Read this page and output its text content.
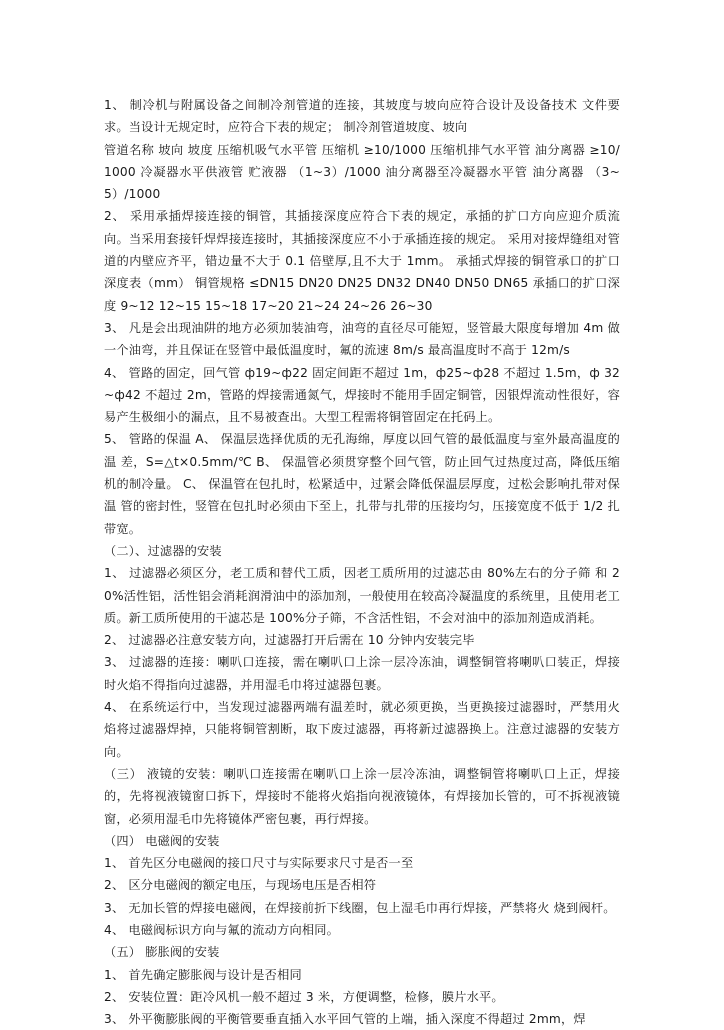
1、 制冷机与附属设备之间制冷剂管道的连接，其坡度与坡向应符合设计及设备技术 文件要求。当设计无规定时，应符合下表的规定； 制冷剂管道坡度、坡向

管道名称 坡向 坡度 压缩机吸气水平管 压缩机 ≥10/1000 压缩机排气水平管 油分离器 ≥10/1000 冷凝器水平供液管 贮液器 （1~3）/1000 油分离器至冷凝器水平管 油分离器 （3~5）/1000

2、 采用承插焊接连接的铜管，其插接深度应符合下表的规定，承插的扩口方向应迎介质流向。当采用套接钎焊焊接连接时，其插接深度应不小于承插连接的规定。 采用对接焊缝组对管道的内壁应齐平，错边量不大于 0.1 倍壁厚,且不大于 1mm。 承插式焊接的铜管承口的扩口深度表（mm） 铜管规格 ≤DN15 DN20 DN25 DN32 DN40 DN50 DN65 承插口的扩口深度 9~12 12~15 15~18 17~20 21~24 24~26 26~30

3、 凡是会出现油阱的地方必须加装油弯，油弯的直径尽可能短，竖管最大限度每增加 4m 做一个油弯，并且保证在竖管中最低温度时，氟的流速 8m/s 最高温度时不高于 12m/s

4、 管路的固定，回气管 ф19~ф22 固定间距不超过 1m，ф25~ф28 不超过 1.5m，ф 32~ф42 不超过 2m，管路的焊接需通氮气，焊接时不能用手固定铜管，因银焊流动性很好，容易产生极细小的漏点，且不易被查出。大型工程需将铜管固定在托码上。

5、 管路的保温 A、 保温层选择优质的无孔海绵，厚度以回气管的最低温度与室外最高温度的温 差，S=△t×0.5mm/℃ B、 保温管必须贯穿整个回气管，防止回气过热度过高，降低压缩机的制冷量。 C、 保温管在包扎时，松紧适中，过紧会降低保温层厚度，过松会影响扎带对保温 管的密封性，竖管在包扎时必须由下至上，扎带与扎带的压接均匀，压接宽度不低于 1/2 扎带宽。

（二）、过滤器的安装

1、 过滤器必须区分，老工质和替代工质，因老工质所用的过滤芯由 80%左右的分子筛 和 20%活性铝，活性铝会消耗润滑油中的添加剂，一般使用在较高冷凝温度的系统里，且使用老工质。新工质所使用的干滤芯是 100%分子筛，不含活性铝，不会对油中的添加剂造成消耗。

2、 过滤器必注意安装方向，过滤器打开后需在 10 分钟内安装完毕

3、 过滤器的连接：喇叭口连接，需在喇叭口上涂一层冷冻油，调整铜管将喇叭口装正，焊接时火焰不得指向过滤器，并用湿毛巾将过滤器包裹。

4、 在系统运行中，当发现过滤器两端有温差时，就必须更换，当更换接过滤器时，严禁用火焰将过滤器焊掉，只能将铜管割断，取下废过滤器，再将新过滤器换上。注意过滤器的安装方向。

（三） 液镜的安装：喇叭口连接需在喇叭口上涂一层冷冻油，调整铜管将喇叭口上正，焊接的，先将视液镜窗口拆下，焊接时不能将火焰指向视液镜体，有焊接加长管的，可不拆视液镜窗，必须用湿毛巾先将镜体严密包裹，再行焊接。

（四） 电磁阀的安装

1、 首先区分电磁阀的接口尺寸与实际要求尺寸是否一至

2、 区分电磁阀的额定电压，与现场电压是否相符

3、 无加长管的焊接电磁阀，在焊接前折下线圈，包上湿毛巾再行焊接，严禁将火 烧到阀杆。

4、 电磁阀标识方向与氟的流动方向相同。

（五） 膨胀阀的安装

1、 首先确定膨胀阀与设计是否相同

2、 安装位置：距冷风机一般不超过 3 米，方便调整，检修，膜片水平。

3、 外平衡膨胀阀的平衡管要垂直插入水平回气管的上端，插入深度不得超过 2mm，焊
